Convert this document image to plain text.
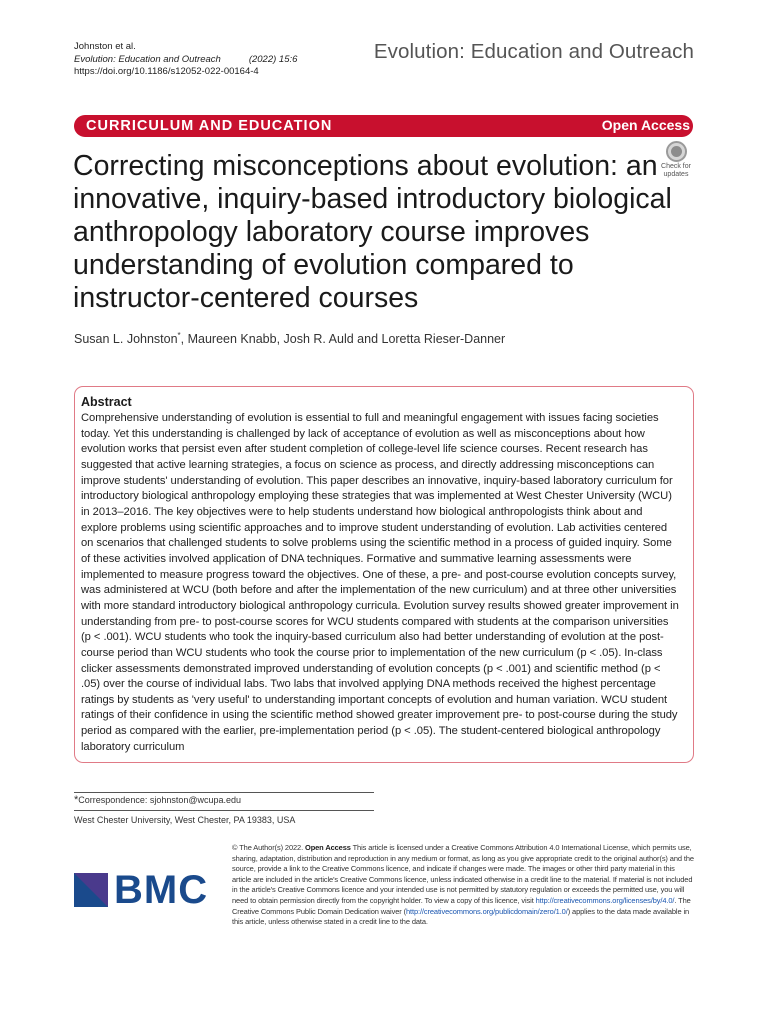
Johnston et al.
Evolution: Education and Outreach	(2022) 15:6
https://doi.org/10.1186/s12052-022-00164-4
Evolution: Education and Outreach
CURRICULUM AND EDUCATION	Open Access
Correcting misconceptions about evolution: an innovative, inquiry-based introductory biological anthropology laboratory course improves understanding of evolution compared to instructor-centered courses
Check for
updates
Susan L. Johnston*, Maureen Knabb, Josh R. Auld and Loretta Rieser-Danner
Abstract
Comprehensive understanding of evolution is essential to full and meaningful engagement with issues facing societies today. Yet this understanding is challenged by lack of acceptance of evolution as well as misconceptions about how evolution works that persist even after student completion of college-level life science courses. Recent research has suggested that active learning strategies, a focus on science as process, and directly addressing misconceptions can improve students' understanding of evolution. This paper describes an innovative, inquiry-based laboratory curriculum for introductory biological anthropology employing these strategies that was implemented at West Chester University (WCU) in 2013–2016. The key objectives were to help students understand how biological anthropologists think about and explore problems using scientific approaches and to improve student understanding of evolution. Lab activities centered on scenarios that challenged students to solve problems using the scientific method in a process of guided inquiry. Some of these activities involved application of DNA techniques. Formative and summative learning assessments were implemented to measure progress toward the objectives. One of these, a pre- and post-course evolution concepts survey, was administered at WCU (both before and after the implementation of the new curriculum) and at three other universities with more standard introductory biological anthropology curricula. Evolution survey results showed greater improvement in understanding from pre- to post-course scores for WCU students compared with students at the comparison universities (p < .001). WCU students who took the inquiry-based curriculum also had better understanding of evolution at the post-course period than WCU students who took the course prior to implementation of the new curriculum (p < .05). In-class clicker assessments demonstrated improved understanding of evolution concepts (p < .001) and scientific method (p < .05) over the course of individual labs. Two labs that involved applying DNA methods received the highest percentage ratings by students as 'very useful' to understanding important concepts of evolution and human variation. WCU student ratings of their confidence in using the scientific method showed greater improvement pre- to post-course during the study period as compared with the earlier, pre-implementation period (p < .05). The student-centered biological anthropology laboratory curriculum
*Correspondence: sjohnston@wcupa.edu
West Chester University, West Chester, PA 19383, USA
BMC
© The Author(s) 2022. Open Access This article is licensed under a Creative Commons Attribution 4.0 International License, which permits use, sharing, adaptation, distribution and reproduction in any medium or format, as long as you give appropriate credit to the original author(s) and the source, provide a link to the Creative Commons licence, and indicate if changes were made. The images or other third party material in this article are included in the article's Creative Commons licence, unless indicated otherwise in a credit line to the material. If material is not included in the article's Creative Commons licence and your intended use is not permitted by statutory regulation or exceeds the permitted use, you will need to obtain permission directly from the copyright holder. To view a copy of this licence, visit http://creativecommons.org/licenses/by/4.0/. The Creative Commons Public Domain Dedication waiver (http://creativecommons.org/publicdomain/zero/1.0/) applies to the data made available in this article, unless otherwise stated in a credit line to the data.
